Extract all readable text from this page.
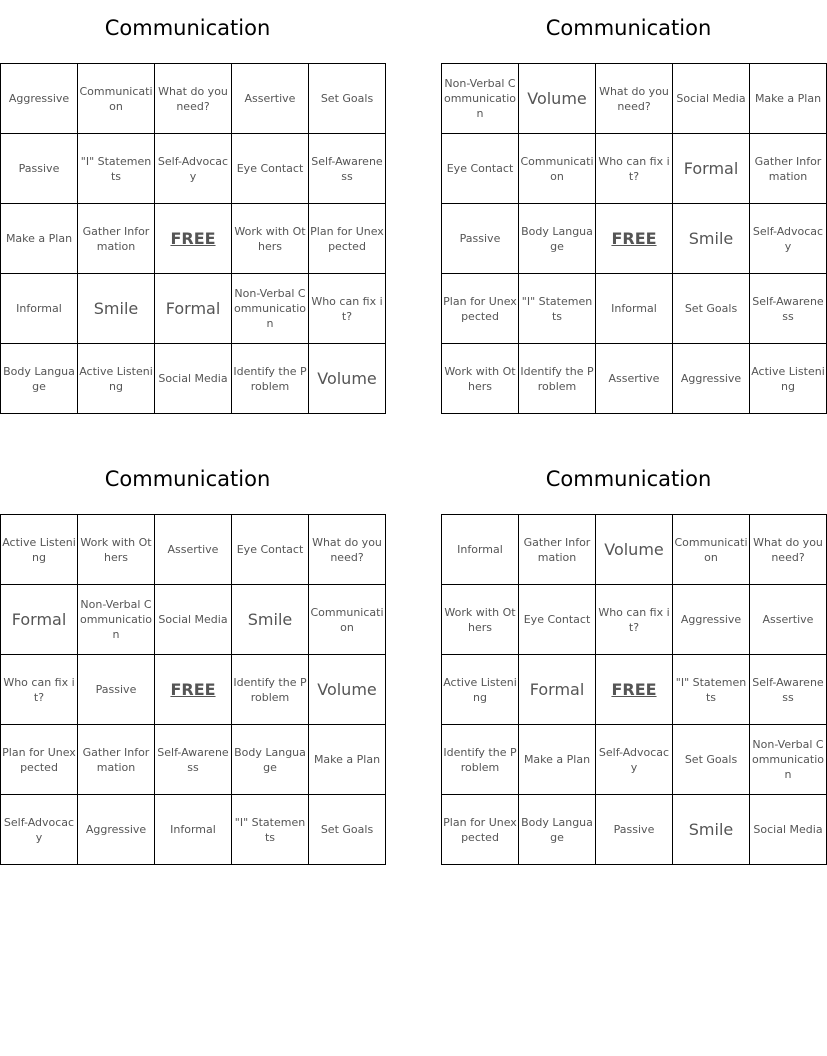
Communication
Aggressive	Communication	What do you need?	Assertive	Set Goals
Passive	"I" Statements	Self-Advocacy	Eye Contact	Self-Awareness
Make a Plan	Gather Information	FREE	Work with Others	Plan for Unexpected
Informal	Smile	Formal	Non-Verbal Communication	Who can fix it?
Body Language	Active Listening	Social Media	Identify the Problem	Volume
Communication
Non-Verbal Communication	Volume	What do you need?	Social Media	Make a Plan
Eye Contact	Communication	Who can fix it?	Formal	Gather Information
Passive	Body Language	FREE	Smile	Self-Advocacy
Plan for Unexpected	"I" Statements	Informal	Set Goals	Self-Awareness
Work with Others	Identify the Problem	Assertive	Aggressive	Active Listening
Communication
Active Listening	Work with Others	Assertive	Eye Contact	What do you need?
Formal	Non-Verbal Communication	Social Media	Smile	Communication
Who can fix it?	Passive	FREE	Identify the Problem	Volume
Plan for Unexpected	Gather Information	Self-Awareness	Body Language	Make a Plan
Self-Advocacy	Aggressive	Informal	"I" Statements	Set Goals
Communication
Informal	Gather Information	Volume	Communication	What do you need?
Work with Others	Eye Contact	Who can fix it?	Aggressive	Assertive
Active Listening	Formal	FREE	"I" Statements	Self-Awareness
Identify the Problem	Make a Plan	Self-Advocacy	Set Goals	Non-Verbal Communication
Plan for Unexpected	Body Language	Passive	Smile	Social Media
